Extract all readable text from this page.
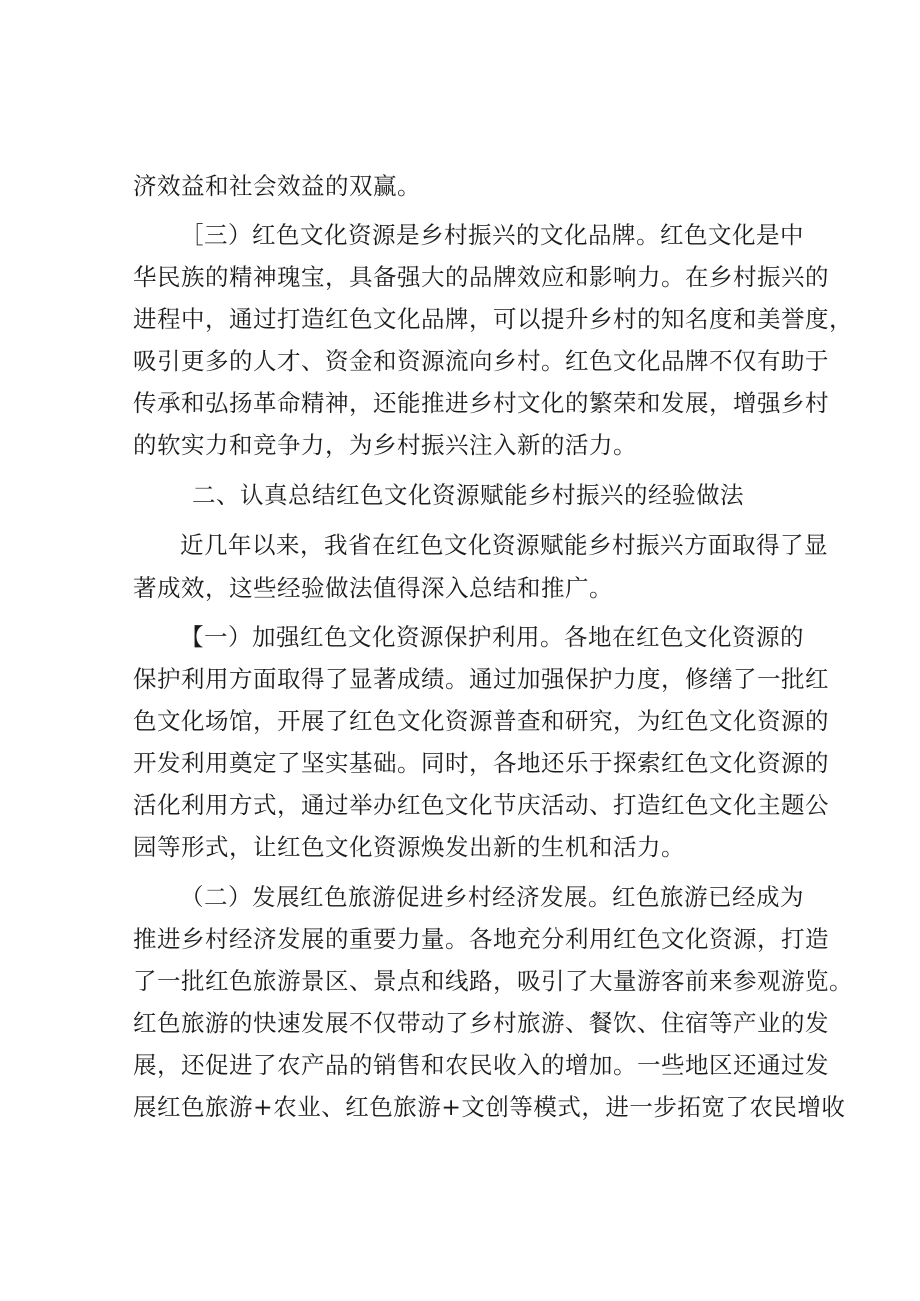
济效益和社会效益的双赢。
［三）红色文化资源是乡村振兴的文化品牌。红色文化是中
华民族的精神瑰宝，具备强大的品牌效应和影响力。在乡村振兴的
进程中，通过打造红色文化品牌，可以提升乡村的知名度和美誉度，
吸引更多的人才、资金和资源流向乡村。红色文化品牌不仅有助于
传承和弘扬革命精神，还能推进乡村文化的繁荣和发展，增强乡村
的软实力和竞争力，为乡村振兴注入新的活力。
二、认真总结红色文化资源赋能乡村振兴的经验做法
近几年以来，我省在红色文化资源赋能乡村振兴方面取得了显
著成效，这些经验做法值得深入总结和推广。
【一）加强红色文化资源保护利用。各地在红色文化资源的
保护利用方面取得了显著成绩。通过加强保护力度，修缮了一批红
色文化场馆，开展了红色文化资源普查和研究，为红色文化资源的
开发利用奠定了坚实基础。同时，各地还乐于探索红色文化资源的
活化利用方式，通过举办红色文化节庆活动、打造红色文化主题公
园等形式，让红色文化资源焕发出新的生机和活力。
（二）发展红色旅游促进乡村经济发展。红色旅游已经成为
推进乡村经济发展的重要力量。各地充分利用红色文化资源，打造
了一批红色旅游景区、景点和线路，吸引了大量游客前来参观游览。
红色旅游的快速发展不仅带动了乡村旅游、餐饮、住宿等产业的发
展，还促进了农产品的销售和农民收入的增加。一些地区还通过发
展红色旅游+农业、红色旅游+文创等模式，进一步拓宽了农民增收
